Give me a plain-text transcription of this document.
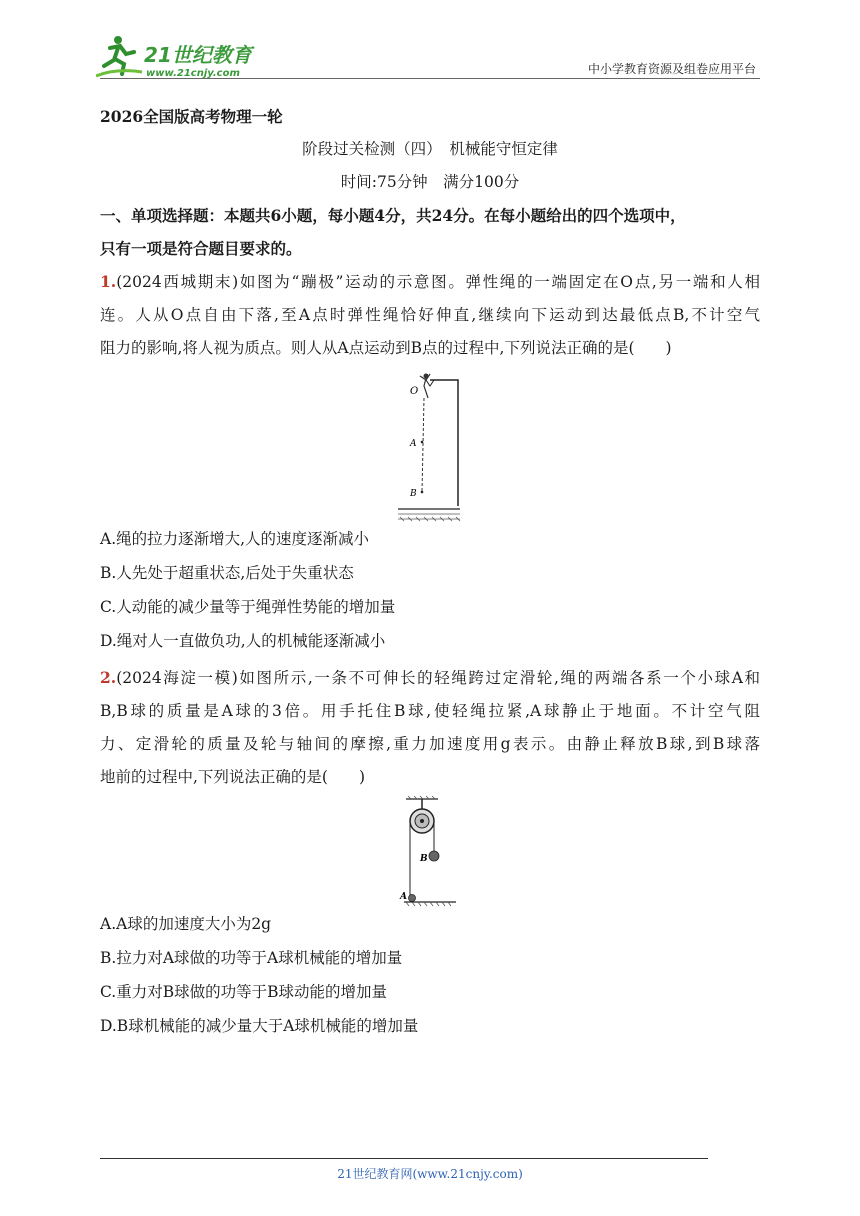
21世纪教育
www.21cnjy.com	中小学教育资源及组卷应用平台
2026全国版高考物理一轮
阶段过关检测（四）　机械能守恒定律
时间:75分钟　满分100分
一、单项选择题：本题共6小题，每小题4分，共24分。在每小题给出的四个选项中，
只有一项是符合题目要求的。
1.(2024西城期末)如图为“蹦极”运动的示意图。弹性绳的一端固定在O点,另一端和人相
连。人从O点自由下落,至A点时弹性绳恰好伸直,继续向下运动到达最低点B,不计空气
阻力的影响,将人视为质点。则人从A点运动到B点的过程中,下列说法正确的是(　　)
O
A
B
A.绳的拉力逐渐增大,人的速度逐渐减小
B.人先处于超重状态,后处于失重状态
C.人动能的减少量等于绳弹性势能的增加量
D.绳对人一直做负功,人的机械能逐渐减小
2.(2024海淀一模)如图所示,一条不可伸长的轻绳跨过定滑轮,绳的两端各系一个小球A和
B,B球的质量是A球的3倍。用手托住B球,使轻绳拉紧,A球静止于地面。不计空气阻
力、定滑轮的质量及轮与轴间的摩擦,重力加速度用g表示。由静止释放B球,到B球落
地前的过程中,下列说法正确的是(　　)
B
A
A.A球的加速度大小为2g
B.拉力对A球做的功等于A球机械能的增加量
C.重力对B球做的功等于B球动能的增加量
D.B球机械能的减少量大于A球机械能的增加量
21世纪教育网(www.21cnjy.com)
